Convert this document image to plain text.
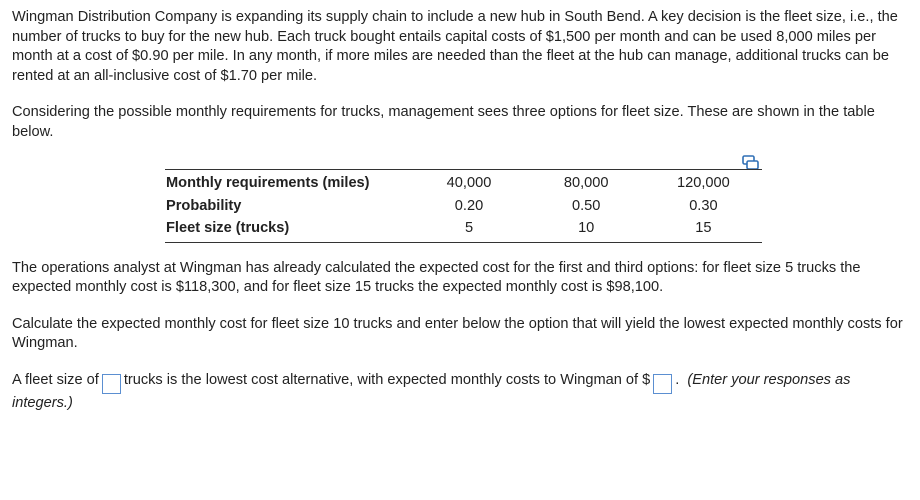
Wingman Distribution Company is expanding its supply chain to include a new hub in South Bend. A key decision is the fleet size, i.e., the number of trucks to buy for the new hub. Each truck bought entails capital costs of $1,500 per month and can be used 8,000 miles per month at a cost of $0.90 per mile. In any month, if more miles are needed than the fleet at the hub can manage, additional trucks can be rented at an all-inclusive cost of $1.70 per mile.

Considering the possible monthly requirements for trucks, management sees three options for fleet size. These are shown in the table below.

Monthly requirements (miles)	40,000	80,000	120,000
Probability	0.20	0.50	0.30
Fleet size (trucks)	5	10	15

The operations analyst at Wingman has already calculated the expected cost for the first and third options: for fleet size 5 trucks the expected monthly cost is $118,300, and for fleet size 15 trucks the expected monthly cost is $98,100.

Calculate the expected monthly cost for fleet size 10 trucks and enter below the option that will yield the lowest expected monthly costs for Wingman.

A fleet size of trucks is the lowest cost alternative, with expected monthly costs to Wingman of $ . (Enter your responses as integers.)
